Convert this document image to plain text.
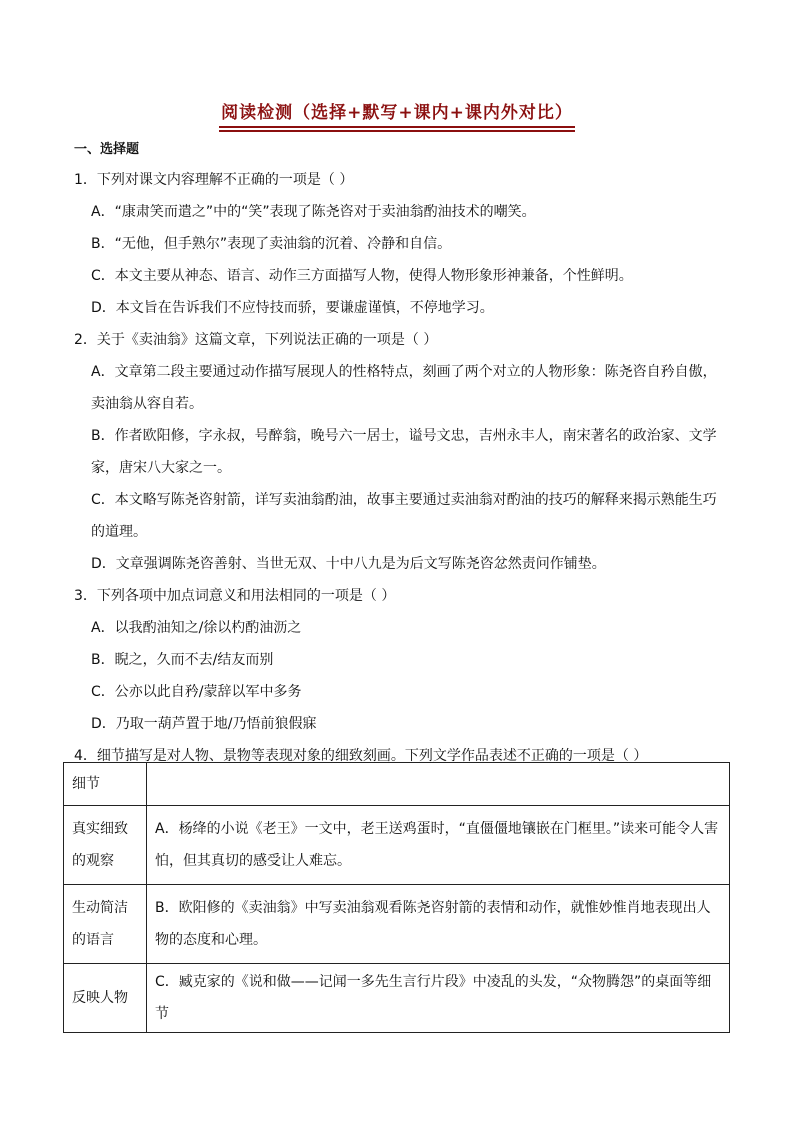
阅读检测（选择+默写+课内+课内外对比）
一、选择题
1．下列对课文内容理解不正确的一项是（ ）
A．“康肃笑而遣之”中的“笑”表现了陈尧咨对于卖油翁酌油技术的嘲笑。
B．“无他，但手熟尔”表现了卖油翁的沉着、冷静和自信。
C．本文主要从神态、语言、动作三方面描写人物，使得人物形象形神兼备，个性鲜明。
D．本文旨在告诉我们不应恃技而骄，要谦虚谨慎，不停地学习。
2．关于《卖油翁》这篇文章，下列说法正确的一项是（ ）
A．文章第二段主要通过动作描写展现人的性格特点，刻画了两个对立的人物形象：陈尧咨自矜自傲，
卖油翁从容自若。
B．作者欧阳修，字永叔，号醉翁，晚号六一居士，谥号文忠，吉州永丰人，南宋著名的政治家、文学
家，唐宋八大家之一。
C．本文略写陈尧咨射箭，详写卖油翁酌油，故事主要通过卖油翁对酌油的技巧的解释来揭示熟能生巧
的道理。
D．文章强调陈尧咨善射、当世无双、十中八九是为后文写陈尧咨忿然责问作铺垫。
3．下列各项中加点词意义和用法相同的一项是（ ）
A．以我酌油知之/徐以杓酌油沥之
B．睨之，久而不去/结友而别
C．公亦以此自矜/蒙辞以军中多务
D．乃取一葫芦置于地/乃悟前狼假寐
4．细节描写是对人物、景物等表现对象的细致刻画。下列文学作品表述不正确的一项是（ ）
细节	
真实细致的观察	A．杨绛的小说《老王》一文中，老王送鸡蛋时，“直僵僵地镶嵌在门框里。”读来可能令人害怕，但其真切的感受让人难忘。
生动简洁的语言	B．欧阳修的《卖油翁》中写卖油翁观看陈尧咨射箭的表情和动作，就惟妙惟肖地表现出人物的态度和心理。
反映人物	C．臧克家的《说和做——记闻一多先生言行片段》中凌乱的头发，“众物腾怨”的桌面等细节
